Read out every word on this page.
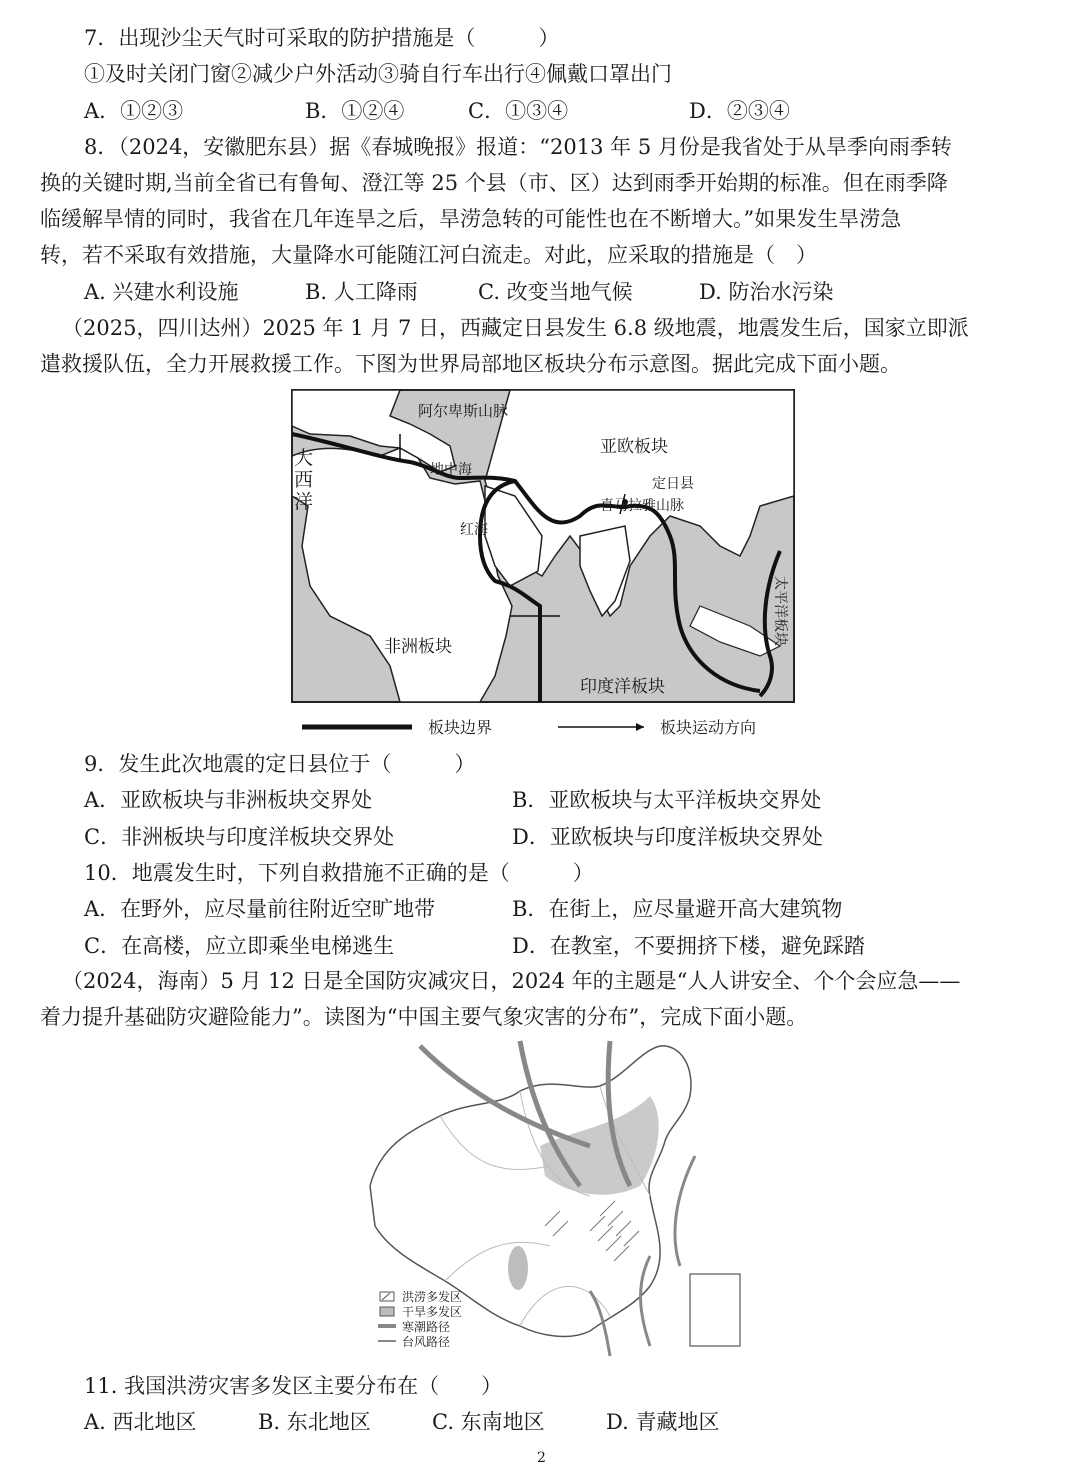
7．出现沙尘天气时可采取的防护措施是（　　　）
①及时关闭门窗②减少户外活动③骑自行车出行④佩戴口罩出门
A．①②③	B．①②④	C．①③④	D．②③④
8．（2024，安徽肥东县）据《春城晚报》报道：“2013 年 5 月份是我省处于从旱季向雨季转
换的关键时期,当前全省已有鲁甸、澄江等 25 个县（市、区）达到雨季开始期的标准。但在雨季降
临缓解旱情的同时，我省在几年连旱之后，旱涝急转的可能性也在不断增大。”如果发生旱涝急
转，若不采取有效措施，大量降水可能随江河白流走。对此，应采取的措施是（　）
A. 兴建水利设施	B. 人工降雨	C. 改变当地气候	D. 防治水污染
（2025，四川达州）2025 年 1 月 7 日，西藏定日县发生 6.8 级地震，地震发生后，国家立即派
遣救援队伍，全力开展救援工作。下图为世界局部地区板块分布示意图。据此完成下面小题。
阿尔卑斯山脉
大
西
洋
亚欧板块
地中海
定日县
喜马拉雅山脉
红海
非洲板块
印度洋板块
太平洋板块
板块边界	板块运动方向
9．发生此次地震的定日县位于（　　　）
A．亚欧板块与非洲板块交界处	B．亚欧板块与太平洋板块交界处
C．非洲板块与印度洋板块交界处	D．亚欧板块与印度洋板块交界处
10．地震发生时，下列自救措施不正确的是（　　　）
A．在野外，应尽量前往附近空旷地带	B．在街上，应尽量避开高大建筑物
C．在高楼，应立即乘坐电梯逃生	D．在教室，不要拥挤下楼，避免踩踏
（2024，海南）5 月 12 日是全国防灾减灾日，2024 年的主题是“人人讲安全、个个会应急——
着力提升基础防灾避险能力”。读图为“中国主要气象灾害的分布”，完成下面小题。
洪涝多发区
干旱多发区
寒潮路径
台风路径
11. 我国洪涝灾害多发区主要分布在（　　）
A. 西北地区	B. 东北地区	C. 东南地区	D. 青藏地区
2
